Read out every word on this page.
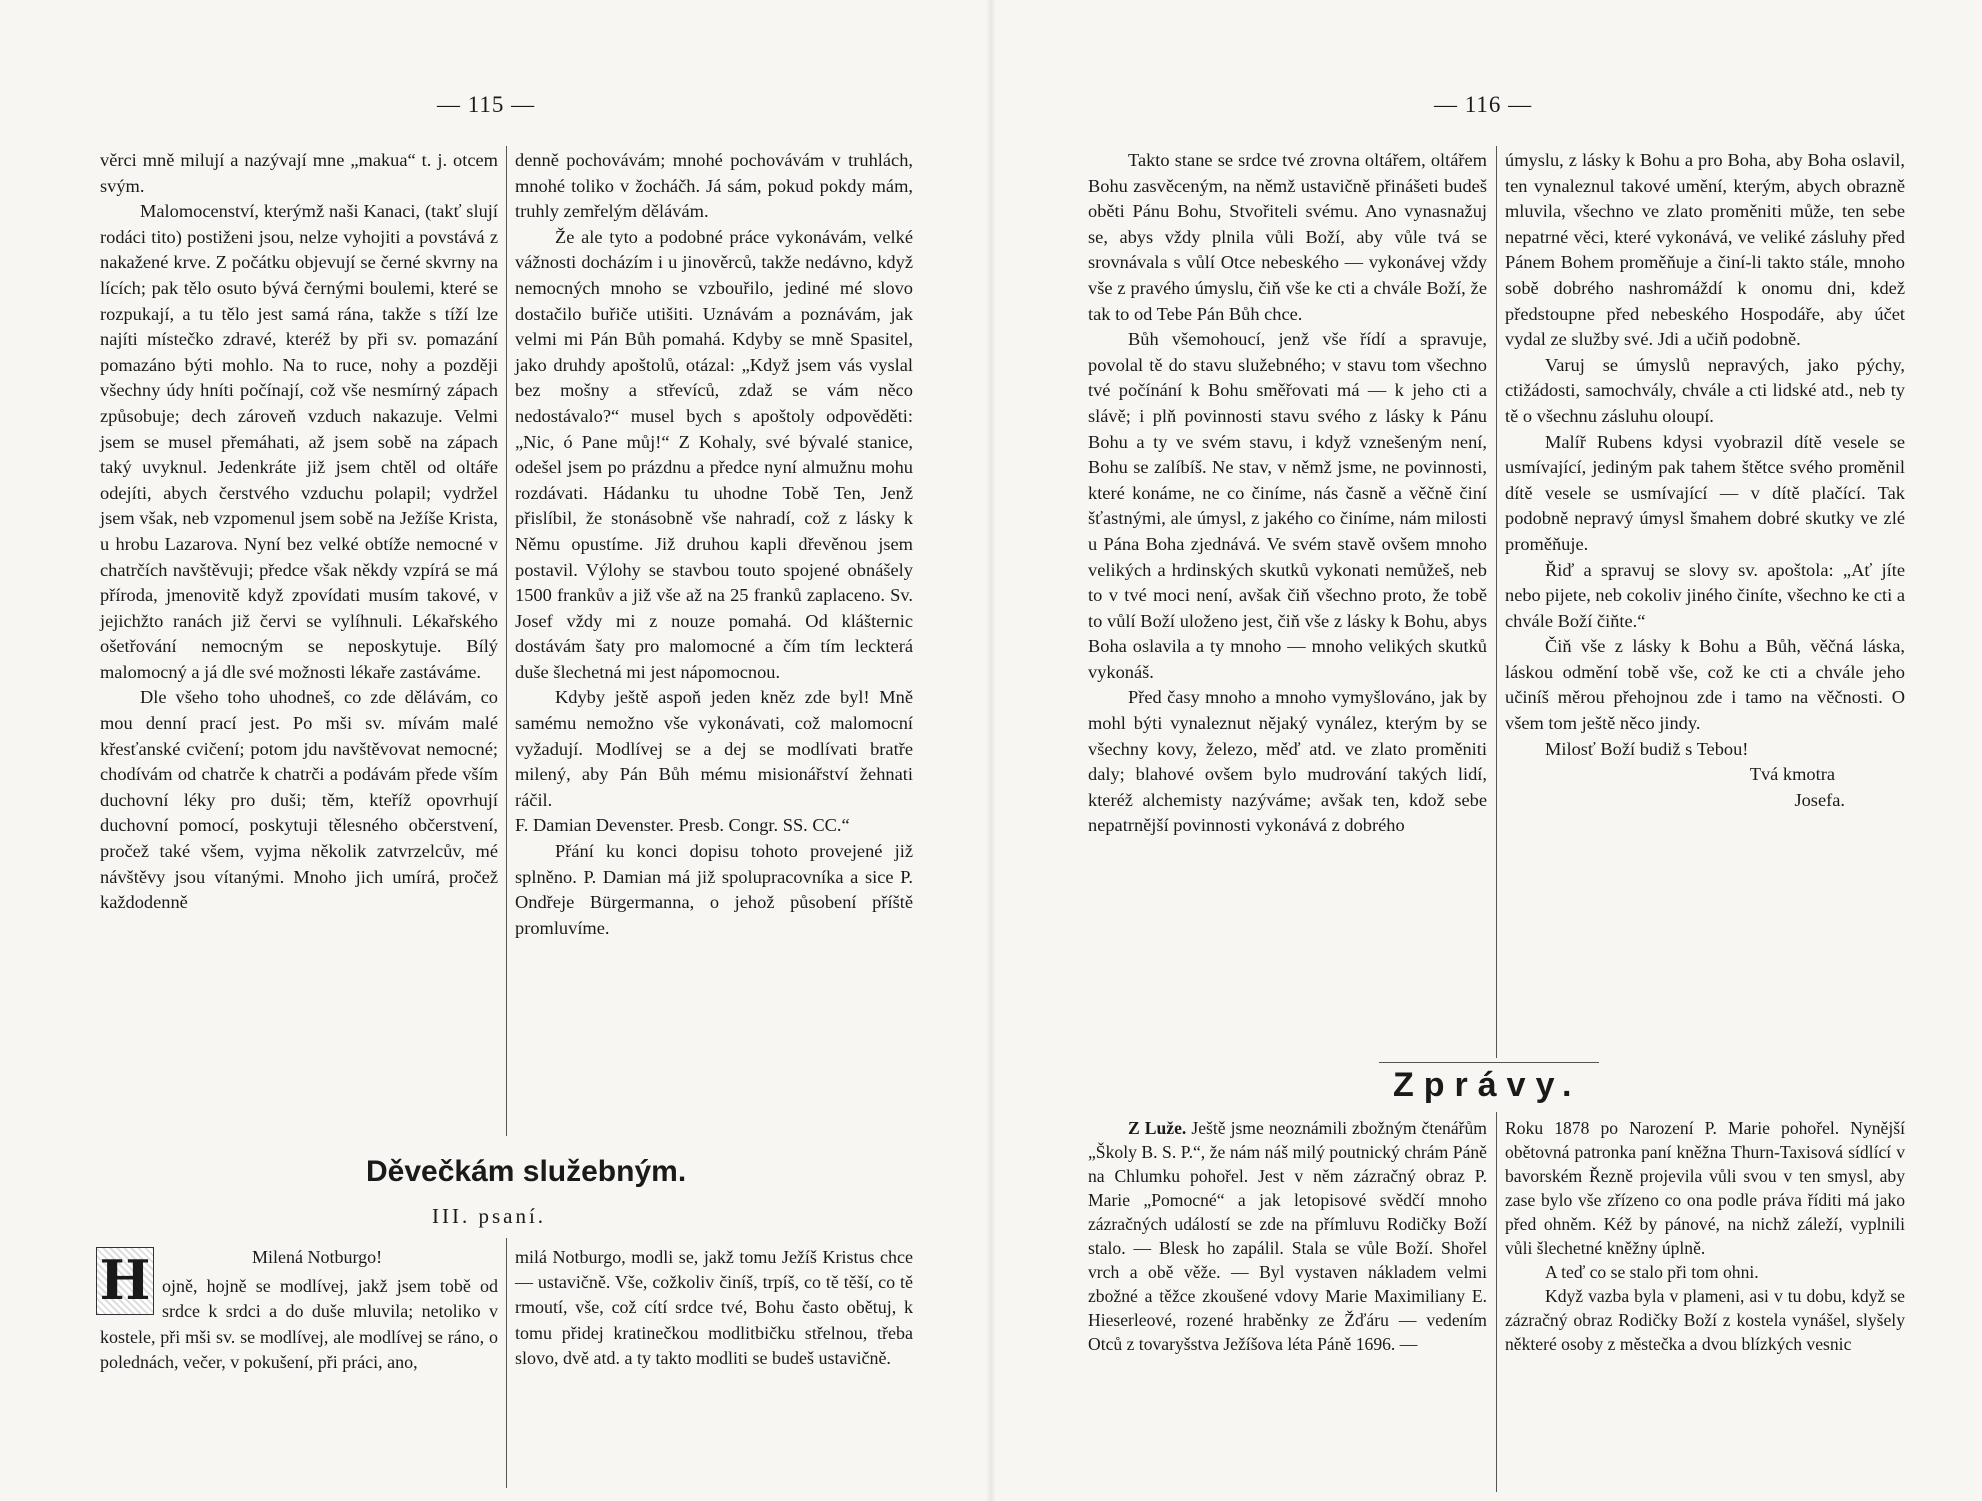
— 115 —

věrci mně milují a nazývají mne „makua“ t. j. otcem svým.

Malomocenství, kterýmž naši Kanaci, (takť slují rodáci tito) postiženi jsou, nelze vyhojiti a povstává z nakažené krve. Z počátku objevují se černé skvrny na lících; pak tělo osuto bývá černými boulemi, které se rozpukají, a tu tělo jest samá rána, takže s tíží lze najíti místečko zdravé, kteréž by při sv. pomazání pomazáno býti mohlo. Na to ruce, nohy a později všechny údy hníti počínají, což vše nesmírný zápach způsobuje; dech zároveň vzduch nakazuje. Velmi jsem se musel přemáhati, až jsem sobě na zápach taký uvyknul. Jedenkráte již jsem chtěl od oltáře odejíti, abych čerstvého vzduchu polapil; vydržel jsem však, neb vzpomenul jsem sobě na Ježíše Krista, u hrobu Lazarova. Nyní bez velké obtíže nemocné v chatrčích navštěvuji; předce však někdy vzpírá se má příroda, jmenovitě když zpovídati musím takové, v jejichžto ranách již červi se vylíhnuli. Lékařského ošetřování nemocným se neposkytuje. Bílý malomocný a já dle své možnosti lékaře zastáváme.

Dle všeho toho uhodneš, co zde dělávám, co mou denní prací jest. Po mši sv. mívám malé křesťanské cvičení; potom jdu navštěvovat nemocné; chodívám od chatrče k chatrči a podávám přede vším duchovní léky pro duši; těm, kteříž opovrhují duchovní pomocí, poskytuji tělesného občerstvení, pročež také všem, vyjma několik zatvrzelcův, mé návštěvy jsou vítanými. Mnoho jich umírá, pročež každodenně

denně pochovávám; mnohé pochovávám v truhlách, mnohé toliko v žocháčh. Já sám, pokud pokdy mám, truhly zemřelým dělávám.

Že ale tyto a podobné práce vykonávám, velké vážnosti docházím i u jinověrců, takže nedávno, když nemocných mnoho se vzbouřilo, jediné mé slovo dostačilo buřiče utišiti. Uznávám a poznávám, jak velmi mi Pán Bůh pomahá. Kdyby se mně Spasitel, jako druhdy apoštolů, otázal: „Když jsem vás vyslal bez mošny a střevíců, zdaž se vám něco nedostávalo?“ musel bych s apoštoly odpověděti: „Nic, ó Pane můj!“ Z Kohaly, své bývalé stanice, odešel jsem po prázdnu a předce nyní almužnu mohu rozdávati. Hádanku tu uhodne Tobě Ten, Jenž přislíbil, že stonásobně vše nahradí, což z lásky k Němu opustíme. Již druhou kapli dřevěnou jsem postavil. Výlohy se stavbou touto spojené obnášely 1500 frankův a již vše až na 25 franků zaplaceno. Sv. Josef vždy mi z nouze pomahá. Od klášternic dostávám šaty pro malomocné a čím tím leckterá duše šlechetná mi jest nápomocnou.

Kdyby ještě aspoň jeden kněz zde byl! Mně samému nemožno vše vykonávati, což malomocní vyžadují. Modlívej se a dej se modlívati bratře milený, aby Pán Bůh mému misionářství žehnati ráčil.

F. Damian Devenster. Presb. Congr. SS. CC.“

Přání ku konci dopisu tohoto provejené již splněno. P. Damian má již spolupracovníka a sice P. Ondřeje Bürgermanna, o jehož působení příště promluvíme.

Děvečkám služebným.
III. psaní.
H	Milená Notburgo!

ojně, hojně se modlívej, jakž jsem tobě od srdce k srdci a do duše mluvila; netoliko v kostele, při mši sv. se modlívej, ale modlívej se ráno, o polednách, večer, v pokušení, při práci, ano,

milá Notburgo, modli se, jakž tomu Ježíš Kristus chce — ustavičně. Vše, cožkoliv činíš, trpíš, co tě těší, co tě rmoutí, vše, což cítí srdce tvé, Bohu často obětuj, k tomu přidej kratinečkou modlitbičku střelnou, třeba slovo, dvě atd. a ty takto modliti se budeš ustavičně.

— 116 —

Takto stane se srdce tvé zrovna oltářem, oltářem Bohu zasvěceným, na němž ustavičně přinášeti budeš oběti Pánu Bohu, Stvořiteli svému. Ano vynasnažuj se, abys vždy plnila vůli Boží, aby vůle tvá se srovnávala s vůlí Otce nebeského — vykonávej vždy vše z pravého úmyslu, čiň vše ke cti a chvále Boží, že tak to od Tebe Pán Bůh chce.

Bůh všemohoucí, jenž vše řídí a spravuje, povolal tě do stavu služebného; v stavu tom všechno tvé počínání k Bohu směřovati má — k jeho cti a slávě; i plň povinnosti stavu svého z lásky k Pánu Bohu a ty ve svém stavu, i když vznešeným není, Bohu se zalíbíš. Ne stav, v němž jsme, ne povinnosti, které konáme, ne co činíme, nás časně a věčně činí šťastnými, ale úmysl, z jakého co činíme, nám milosti u Pána Boha zjednává. Ve svém stavě ovšem mnoho velikých a hrdinských skutků vykonati nemůžeš, neb to v tvé moci není, avšak čiň všechno proto, že tobě to vůlí Boží uloženo jest, čiň vše z lásky k Bohu, abys Boha oslavila a ty mnoho — mnoho velikých skutků vykonáš.

Před časy mnoho a mnoho vymyšlováno, jak by mohl býti vynaleznut nějaký vynález, kterým by se všechny kovy, železo, měď atd. ve zlato proměniti daly; blahové ovšem bylo mudrování takých lidí, kteréž alchemisty nazýváme; avšak ten, kdož sebe nepatrnější povinnosti vykonává z dobrého

úmyslu, z lásky k Bohu a pro Boha, aby Boha oslavil, ten vynaleznul takové umění, kterým, abych obrazně mluvila, všechno ve zlato proměniti může, ten sebe nepatrné věci, které vykonává, ve veliké zásluhy před Pánem Bohem proměňuje a činí-li takto stále, mnoho sobě dobrého nashromáždí k onomu dni, kdež předstoupne před nebeského Hospodáře, aby účet vydal ze služby své. Jdi a učiň podobně.

Varuj se úmyslů nepravých, jako pýchy, ctižádosti, samochvály, chvále a cti lidské atd., neb ty tě o všechnu zásluhu oloupí.

Malíř Rubens kdysi vyobrazil dítě vesele se usmívající, jediným pak tahem štětce svého proměnil dítě vesele se usmívající — v dítě plačící. Tak podobně nepravý úmysl šmahem dobré skutky ve zlé proměňuje.

Řiď a spravuj se slovy sv. apoštola: „Ať jíte nebo pijete, neb cokoliv jiného činíte, všechno ke cti a chvále Boží čiňte.“

Čiň vše z lásky k Bohu a Bůh, věčná láska, láskou odmění tobě vše, což ke cti a chvále jeho učiníš měrou přehojnou zde i tamo na věčnosti. O všem tom ještě něco jindy.

Milosť Boží budiž s Tebou!

Tvá kmotra

Josefa.

Zprávy.

Z Luže. Ještě jsme neoznámili zbožným čtenářům „Školy B. S. P.“, že nám náš milý poutnický chrám Páně na Chlumku pohořel. Jest v něm zázračný obraz P. Marie „Pomocné“ a jak letopisové svědčí mnoho zázračných událostí se zde na přímluvu Rodičky Boží stalo. — Blesk ho zapálil. Stala se vůle Boží. Shořel vrch a obě věže. — Byl vystaven nákladem velmi zbožné a těžce zkoušené vdovy Marie Maximiliany E. Hieserleové, rozené hraběnky ze Žďáru — vedením Otců z tovaryšstva Ježíšova léta Páně 1696. —

Roku 1878 po Narození P. Marie pohořel. Nynější obětovná patronka paní kněžna Thurn-Taxisová sídlící v bavorském Řezně projevila vůli svou v ten smysl, aby zase bylo vše zřízeno co ona podle práva říditi má jako před ohněm. Kéž by pánové, na nichž záleží, vyplnili vůli šlechetné kněžny úplně.

A teď co se stalo při tom ohni.

Když vazba byla v plameni, asi v tu dobu, když se zázračný obraz Rodičky Boží z kostela vynášel, slyšely některé osoby z městečka a dvou blízkých vesnic
